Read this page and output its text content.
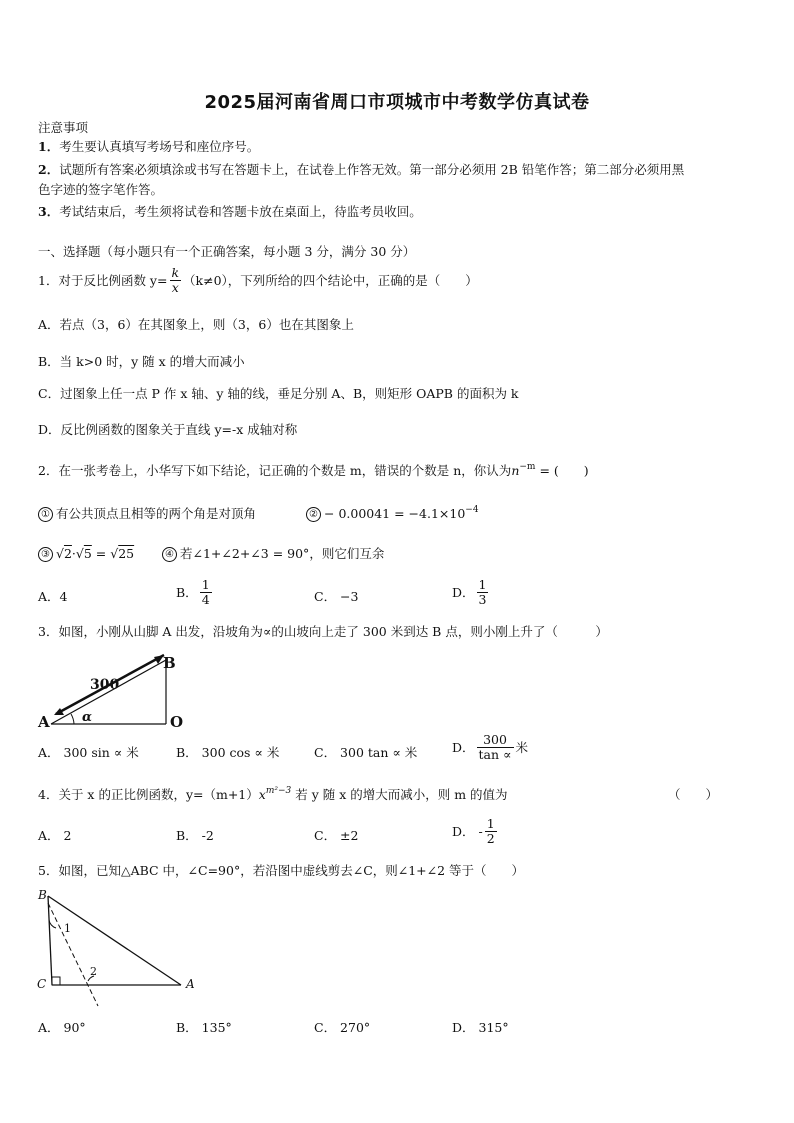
2025届河南省周口市项城市中考数学仿真试卷
注意事项
1．考生要认真填写考场号和座位序号。
2．试题所有答案必须填涂或书写在答题卡上，在试卷上作答无效。第一部分必须用 2B 铅笔作答；第二部分必须用黑
色字迹的签字笔作答。
3．考试结束后，考生须将试卷和答题卡放在桌面上，待监考员收回。
一、选择题（每小题只有一个正确答案，每小题 3 分，满分 30 分）
1．对于反比例函数 $y= \frac{k}{x} (k\ne 0)$，下列所给的四个结论中，正确的是（　　）
A．若点（3，6）在其图象上，则（3，6）也在其图象上
B．当 k>0 时，y 随 x 的增大而减小
C．过图象上任一点 P 作 x 轴、y 轴的线，垂足分别 A、B，则矩形 OAPB 的面积为 k
D．反比例函数的图象关于直线 y=-x 成轴对称
2．在一张考卷上，小华写下如下结论，记正确的个数是 m，错误的个数是 n，你认为$n^{-m}$ = (　　)
① 有公共顶点且相等的两个角是对顶角	② − $0.00041 = -4.1\times 10^{-4}$
③ √2·√5 = √25	④ 若∠1+∠2+∠3 = 90°，则它们互余
A．4	B． $\frac{1}{4}$	C． −3	D． $\frac{1}{3}$
3．如图，小刚从山脚 A 出发，沿坡角为∝的山坡向上走了 300 米到达 B 点，则小刚上升了（　　　）
B
A	O
300
α
A． 300 sin ∝ 米	B． 300 cos ∝ 米	C． 300 tan ∝ 米	D． $\frac{300}{\tan \propto}$ 米
4．关于 x 的正比例函数，$y=(m+1)x^{m^2-3}$ 若 y 随 x 的增大而减小，则 m 的值为	（　　）
A． 2	B． -2	C． ±2	D． - $\frac{1}{2}$
5．如图，已知△ABC 中，∠C=90°，若沿图中虚线剪去∠C，则∠1+∠2 等于（　　）
B
C	A
1
2
A． 90°	B． 135°	C． 270°	D． 315°
